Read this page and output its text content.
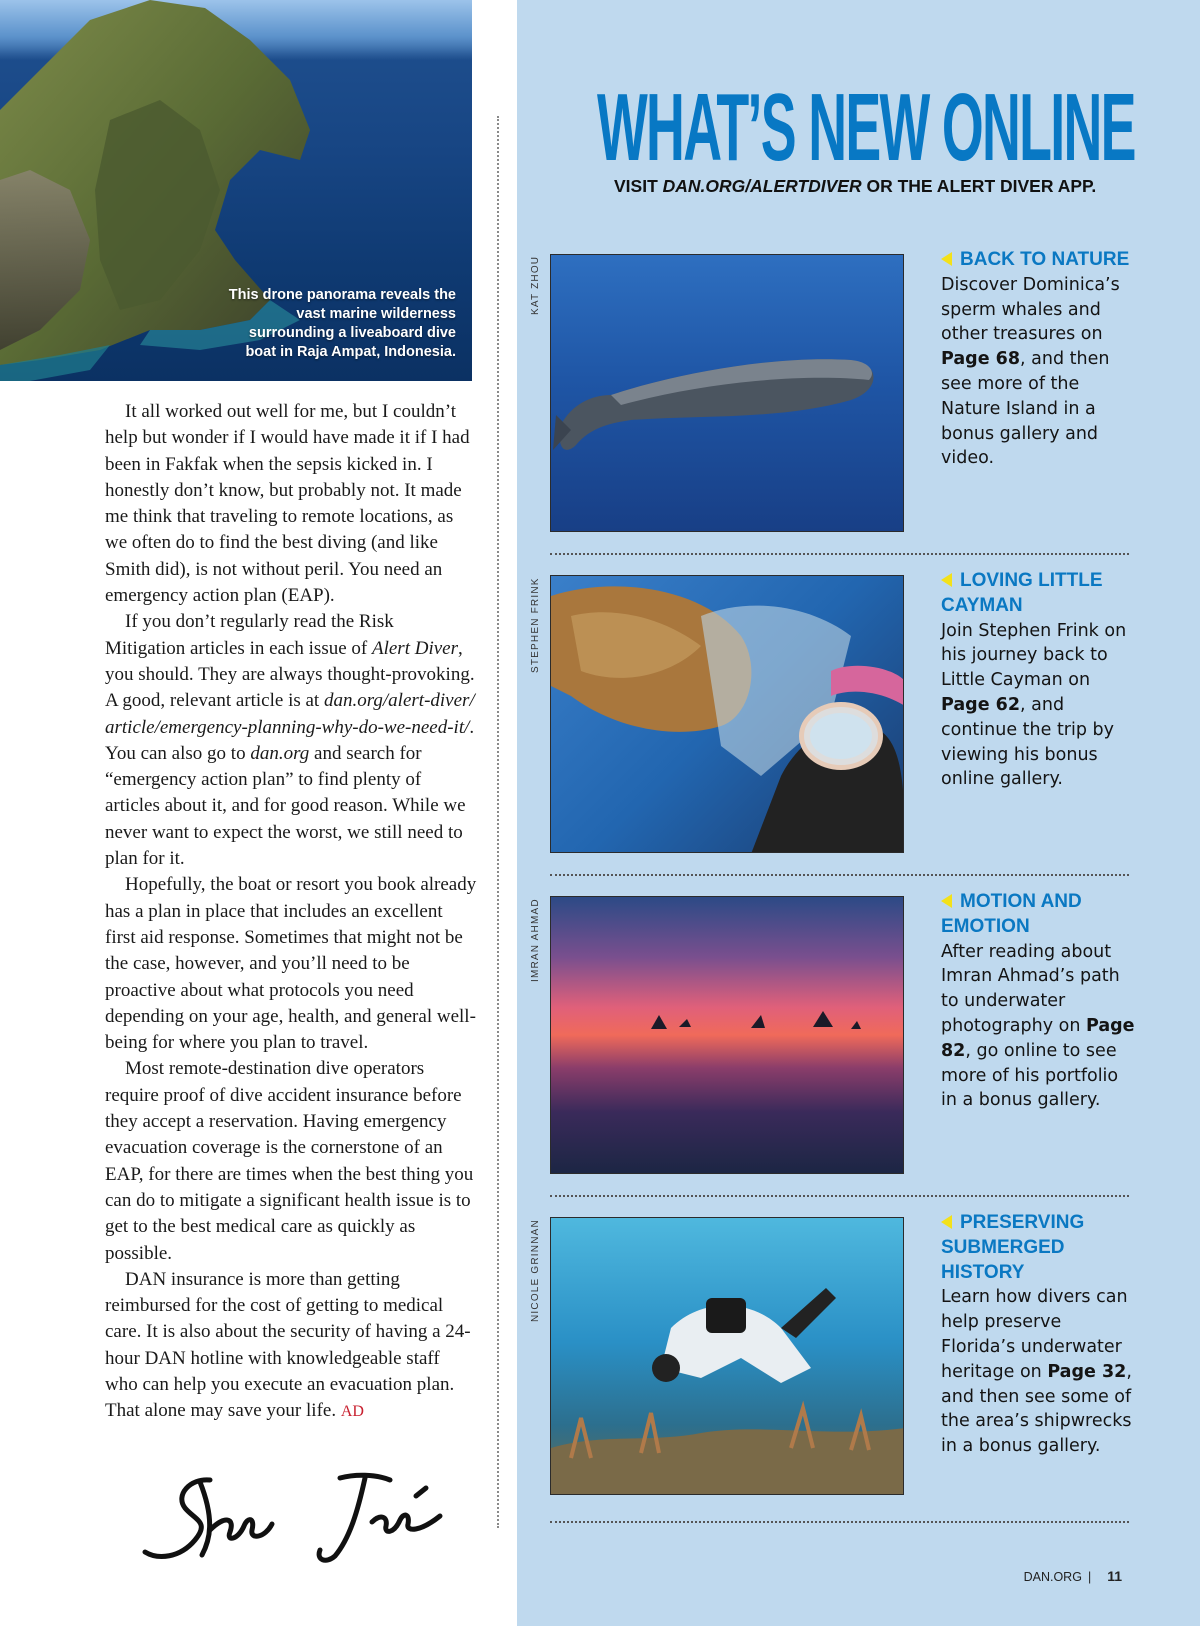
This drone panorama reveals the vast marine wilderness surrounding a liveaboard dive boat in Raja Ampat, Indonesia.

It all worked out well for me, but I couldn’t help but wonder if I would have made it if I had been in Fakfak when the sepsis kicked in. I honestly don’t know, but probably not. It made me think that traveling to remote locations, as we often do to find the best diving (and like Smith did), is not without peril. You need an emergency action plan (EAP).

If you don’t regularly read the Risk Mitigation articles in each issue of Alert Diver, you should. They are always thought-provoking. A good, relevant article is at dan.org/alert-diver/article/emergency-planning-why-do-we-need-it/. You can also go to dan.org and search for “emergency action plan” to find plenty of articles about it, and for good reason. While we never want to expect the worst, we still need to plan for it.

Hopefully, the boat or resort you book already has a plan in place that includes an excellent first aid response. Sometimes that might not be the case, however, and you’ll need to be proactive about what protocols you need depending on your age, health, and general well-being for where you plan to travel.

Most remote-destination dive operators require proof of dive accident insurance before they accept a reservation. Having emergency evacuation coverage is the cornerstone of an EAP, for there are times when the best thing you can do to mitigate a significant health issue is to get to the best medical care as quickly as possible.

DAN insurance is more than getting reimbursed for the cost of getting to medical care. It is also about the security of having a 24-hour DAN hotline with knowledgeable staff who can help you execute an evacuation plan. That alone may save your life. AD

WHAT’S NEW ONLINE
VISIT DAN.ORG/ALERTDIVER OR THE ALERT DIVER APP.
KAT ZHOU	BACK TO NATURE
Discover Dominica’s sperm whales and other treasures on Page 68, and then see more of the Nature Island in a bonus gallery and video.
STEPHEN FRINK	LOVING LITTLE CAYMAN
Join Stephen Frink on his journey back to Little Cayman on Page 62, and continue the trip by viewing his bonus online gallery.
IMRAN AHMAD	MOTION AND EMOTION
After reading about Imran Ahmad’s path to underwater photography on Page 82, go online to see more of his portfolio in a bonus gallery.
NICOLE GRINNAN	PRESERVING SUBMERGED HISTORY
Learn how divers can help preserve Florida’s underwater heritage on Page 32, and then see some of the area’s shipwrecks in a bonus gallery.
DAN.ORG | 11
